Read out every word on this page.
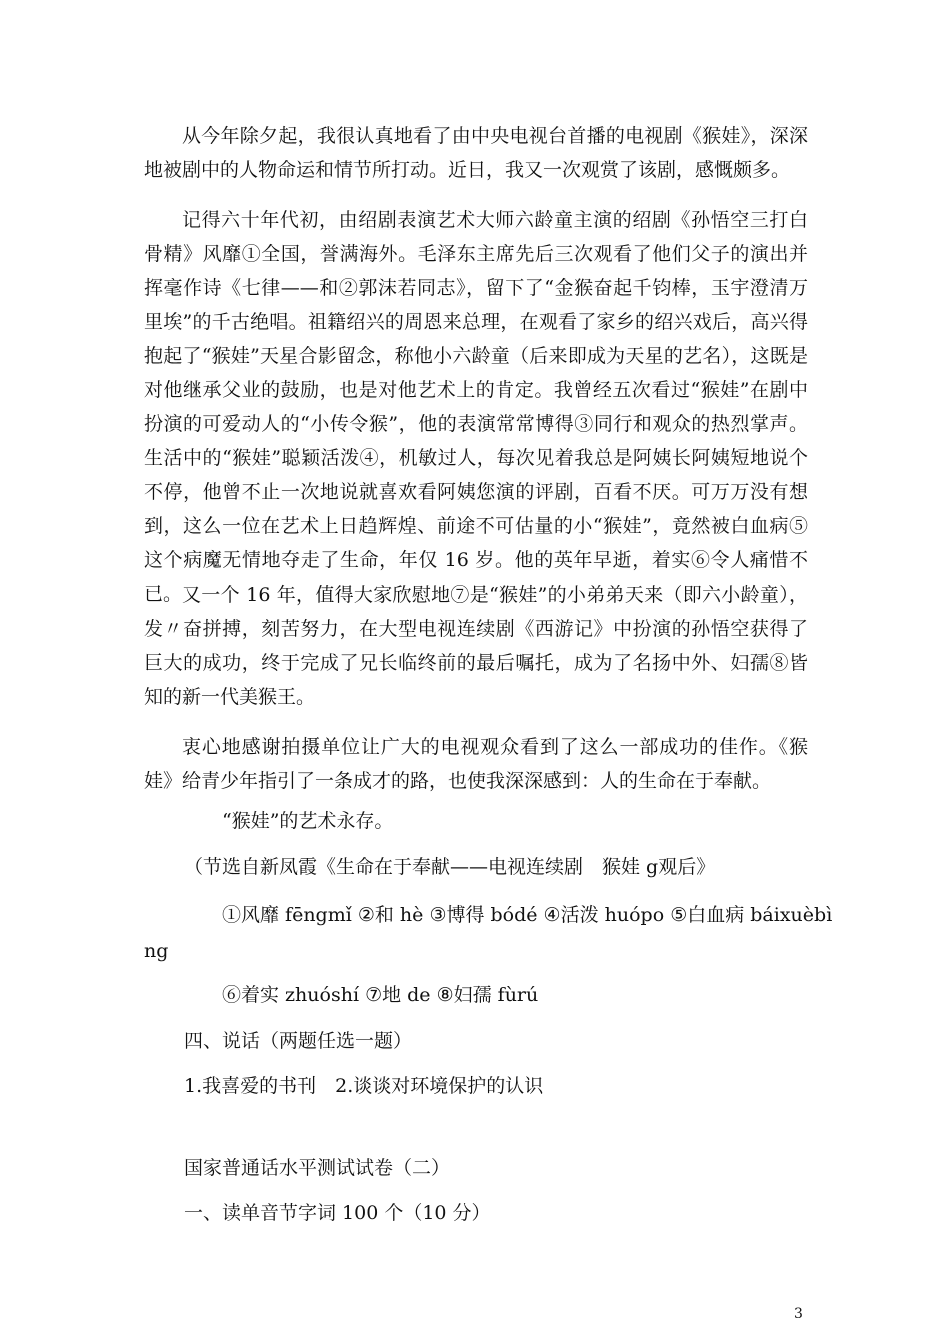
从今年除夕起，我很认真地看了由中央电视台首播的电视剧《猴娃》，深深地被剧中的人物命运和情节所打动。近日，我又一次观赏了该剧，感慨颇多。

记得六十年代初，由绍剧表演艺术大师六龄童主演的绍剧《孙悟空三打白骨精》风靡①全国，誉满海外。毛泽东主席先后三次观看了他们父子的演出并挥毫作诗《七律——和②郭沫若同志》，留下了“金猴奋起千钧棒，玉宇澄清万里埃”的千古绝唱。祖籍绍兴的周恩来总理，在观看了家乡的绍兴戏后，高兴得抱起了“猴娃”天星合影留念，称他小六龄童（后来即成为天星的艺名），这既是对他继承父业的鼓励，也是对他艺术上的肯定。我曾经五次看过“猴娃”在剧中扮演的可爱动人的“小传令猴”，他的表演常常博得③同行和观众的热烈掌声。生活中的“猴娃”聪颖活泼④，机敏过人，每次见着我总是阿姨长阿姨短地说个不停，他曾不止一次地说就喜欢看阿姨您演的评剧，百看不厌。可万万没有想到，这么一位在艺术上日趋辉煌、前途不可估量的小“猴娃”，竟然被白血病⑤这个病魔无情地夺走了生命，年仅 16 岁。他的英年早逝，着实⑥令人痛惜不已。 又一个 16 年，值得大家欣慰地⑦是“猴娃”的小弟弟天来（即六小龄童），发〃奋拼搏，刻苦努力，在大型电视连续剧《西游记》中扮演的孙悟空获得了巨大的成功，终于完成了兄长临终前的最后嘱托，成为了名扬中外、妇孺⑧皆知的新一代美猴王。

衷心地感谢拍摄单位让广大的电视观众看到了这么一部成功的佳作。《猴娃》给青少年指引了一条成才的路，也使我深深感到：人的生命在于奉献。

“猴娃”的艺术永存。

（节选自新凤霞《生命在于奉献——电视连续剧　猴娃 g观后》

①风靡 fēngmǐ ②和 hè ③博得 bódé ④活泼 huópo ⑤白血病 báixuèbì

ng

⑥着实 zhuóshí ⑦地 de ⑧妇孺 fùrú

四、说话（两题任选一题）

1.我喜爱的书刊　2.谈谈对环境保护的认识

国家普通话水平测试试卷（二）

一、读单音节字词 100 个（10 分）

3
